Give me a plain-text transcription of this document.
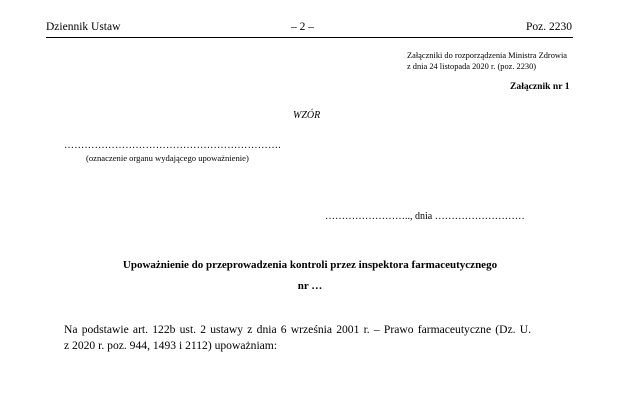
Dziennik Ustaw	– 2 –	Poz. 2230
Załączniki do rozporządzenia Ministra Zdrowia
z dnia 24 listopada 2020 r. (poz. 2230)
Załącznik nr 1
WZÓR
……………………………………………………….
(oznaczenie organu wydającego upoważnienie)
…………………….., dnia ………………………
Upoważnienie do przeprowadzenia kontroli przez inspektora farmaceutycznego
nr …
Na podstawie art. 122b ust. 2 ustawy z dnia 6 września 2001 r. – Prawo farmaceutyczne (Dz. U.
z 2020 r. poz. 944, 1493 i 2112) upoważniam:
